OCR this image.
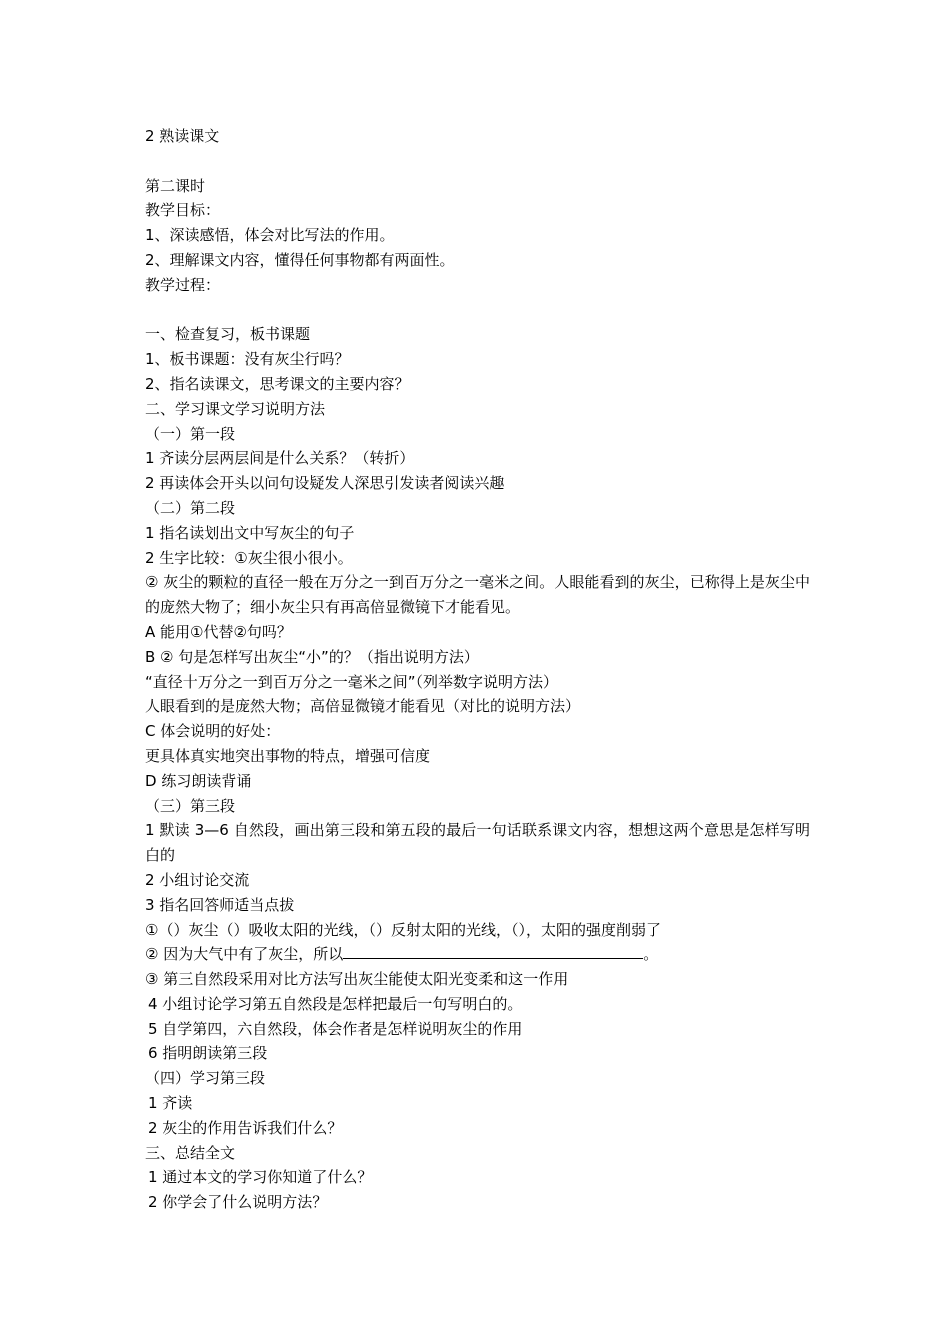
2 熟读课文
第二课时
教学目标：
1、深读感悟，体会对比写法的作用。
2、理解课文内容，懂得任何事物都有两面性。
教学过程：
一、检查复习，板书课题
1、板书课题：没有灰尘行吗？
2、指名读课文，思考课文的主要内容？
二、学习课文学习说明方法
（一）第一段
1 齐读分层两层间是什么关系？（转折）
2 再读体会开头以问句设疑发人深思引发读者阅读兴趣
（二）第二段
1 指名读划出文中写灰尘的句子
2 生字比较：①灰尘很小很小。
② 灰尘的颗粒的直径一般在万分之一到百万分之一毫米之间。人眼能看到的灰尘，已称得上是灰尘中的庞然大物了；细小灰尘只有再高倍显微镜下才能看见。
A 能用①代替②句吗？
B ② 句是怎样写出灰尘“小”的？（指出说明方法）
“直径十万分之一到百万分之一毫米之间”（列举数字说明方法）
人眼看到的是庞然大物；高倍显微镜才能看见（对比的说明方法）
C 体会说明的好处：
更具体真实地突出事物的特点，增强可信度
D 练习朗读背诵
（三）第三段
1 默读 3—6 自然段，画出第三段和第五段的最后一句话联系课文内容，想想这两个意思是怎样写明白的
2 小组讨论交流
3 指名回答师适当点拔
①（）灰尘（）吸收太阳的光线，（）反射太阳的光线，（），太阳的强度削弱了
② 因为大气中有了灰尘，所以	。
③ 第三自然段采用对比方法写出灰尘能使太阳光变柔和这一作用
4 小组讨论学习第五自然段是怎样把最后一句写明白的。
5 自学第四，六自然段，体会作者是怎样说明灰尘的作用
6 指明朗读第三段
（四）学习第三段
1 齐读
2 灰尘的作用告诉我们什么？
三、总结全文
1 通过本文的学习你知道了什么？
2 你学会了什么说明方法？
